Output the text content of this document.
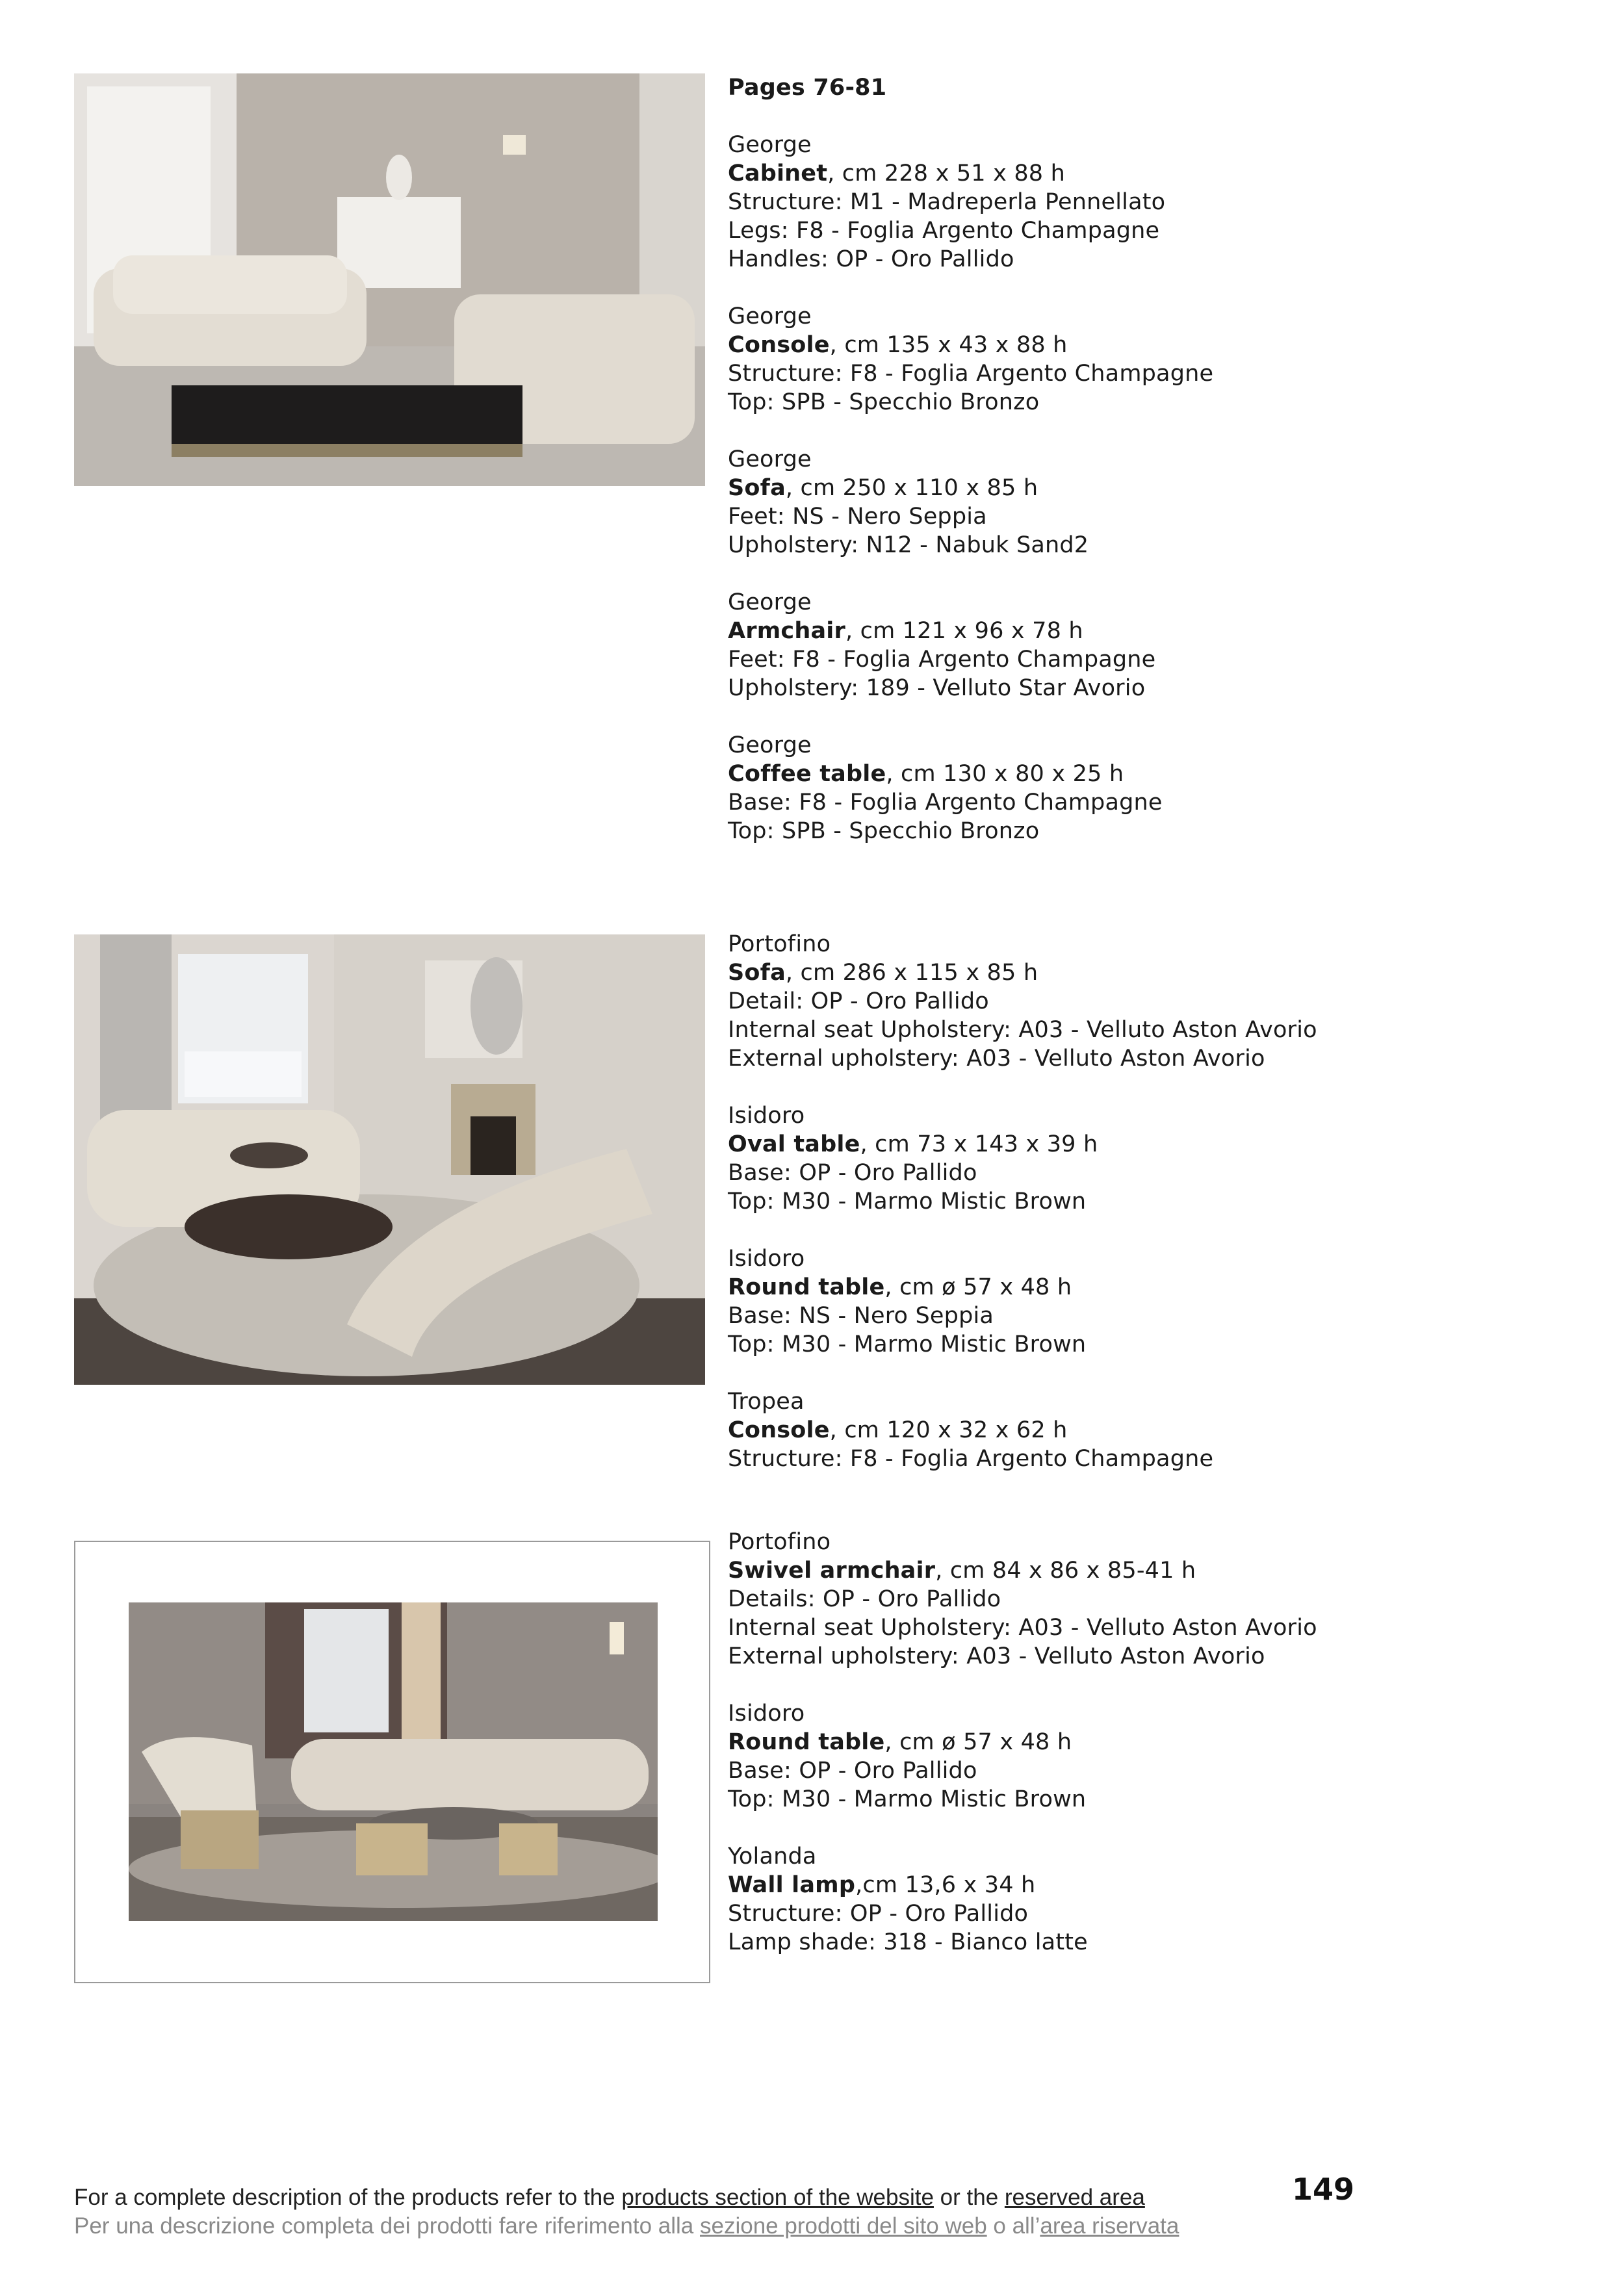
Pages 76-81

George

Cabinet, cm 228 x 51 x 88 h

Structure: M1 - Madreperla Pennellato

Legs: F8 - Foglia Argento Champagne

Handles: OP - Oro Pallido

George

Console, cm 135 x 43 x 88 h

Structure: F8 - Foglia Argento Champagne

Top: SPB - Specchio Bronzo

George

Sofa, cm 250 x 110 x 85 h

Feet: NS - Nero Seppia

Upholstery: N12 - Nabuk Sand2

George

Armchair, cm 121 x 96 x 78 h

Feet: F8 - Foglia Argento Champagne

Upholstery: 189 - Velluto Star Avorio

George

Coffee table, cm 130 x 80 x 25 h

Base: F8 - Foglia Argento Champagne

Top: SPB - Specchio Bronzo

Portofino

Sofa, cm 286 x 115 x 85 h

Detail: OP - Oro Pallido

Internal seat Upholstery: A03 - Velluto Aston Avorio

External upholstery: A03 - Velluto Aston Avorio

Isidoro

Oval table, cm 73 x 143 x 39 h

Base: OP - Oro Pallido

Top: M30 - Marmo Mistic Brown

Isidoro

Round table, cm ø 57 x 48 h

Base: NS - Nero Seppia

Top: M30 - Marmo Mistic Brown

Tropea

Console, cm 120 x 32 x 62 h

Structure: F8 - Foglia Argento Champagne

Portofino

Swivel armchair, cm 84 x 86 x 85-41 h

Details: OP - Oro Pallido

Internal seat Upholstery: A03 - Velluto Aston Avorio

External upholstery: A03 - Velluto Aston Avorio

Isidoro

Round table, cm ø 57 x 48 h

Base: OP - Oro Pallido

Top: M30 - Marmo Mistic Brown

Yolanda

Wall lamp,cm 13,6 x 34 h

Structure: OP - Oro Pallido

Lamp shade: 318 - Bianco latte

For a complete description of the products refer to the products section of the website or the reserved area
Per una descrizione completa dei prodotti fare riferimento alla sezione prodotti del sito web o all’area riservata
149
